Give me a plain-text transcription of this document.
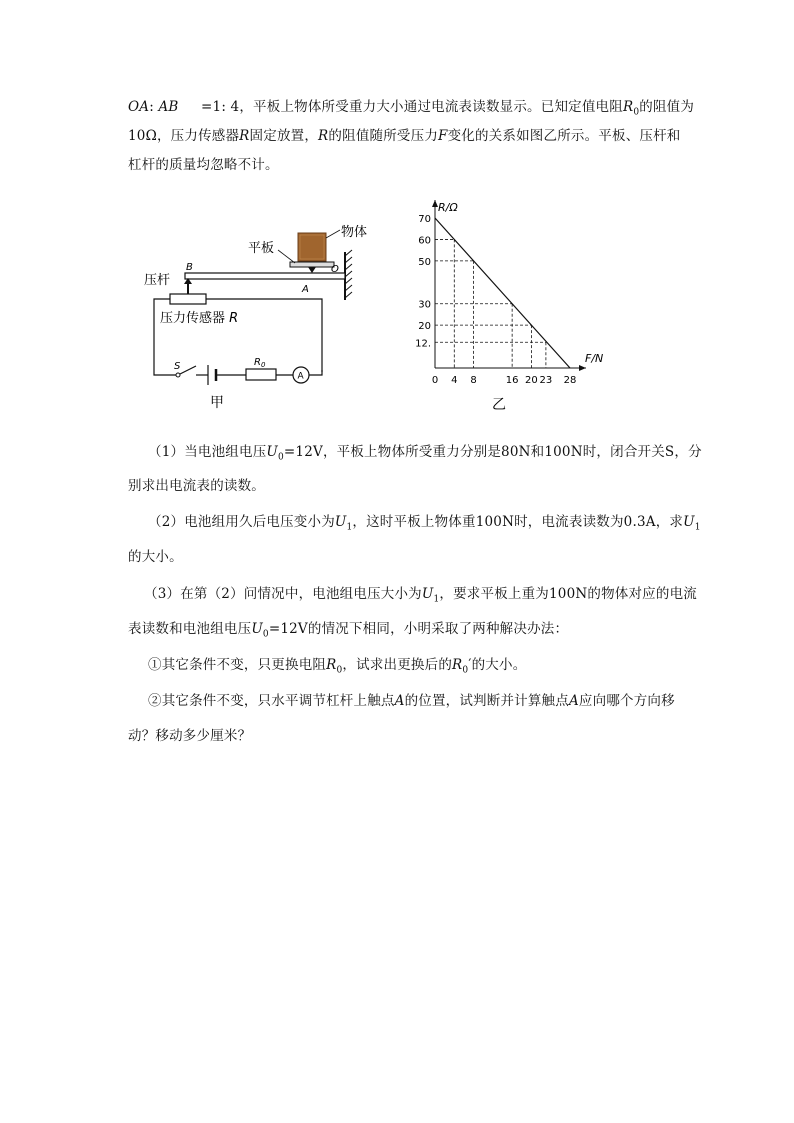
OA: AB =1: 4，平板上物体所受重力大小通过电流表读数显示。已知定值电阻$R_0$的阻值为
10Ω，压力传感器R固定放置，R的阻值随所受压力F变化的关系如图乙所示。平板、压杆和
杠杆的质量均忽略不计。
物体
平板
B	O
A
压杆
压力传感器 R
S	$R_0$
A
甲
70
60
50
30
20
12.
0 4 8	16 20 23 28
R/Ω
F/N
乙
（1）当电池组电压$U_0=12V$，平板上物体所受重力分别是80N和100N时，闭合开关S，分
别求出电流表的读数。
（2）电池组用久后电压变小为$U_1$，这时平板上物体重100N时，电流表读数为0.3A，求$U_1$
的大小。
（3）在第（2）问情况中，电池组电压大小为$U_1$，要求平板上重为100N的物体对应的电流
表读数和电池组电压$U_0=12V$的情况下相同，小明采取了两种解决办法：
①其它条件不变，只更换电阻$R_0$，试求出更换后的$R_0'$的大小。
②其它条件不变，只水平调节杠杆上触点A的位置，试判断并计算触点A应向哪个方向移
动？移动多少厘米？
